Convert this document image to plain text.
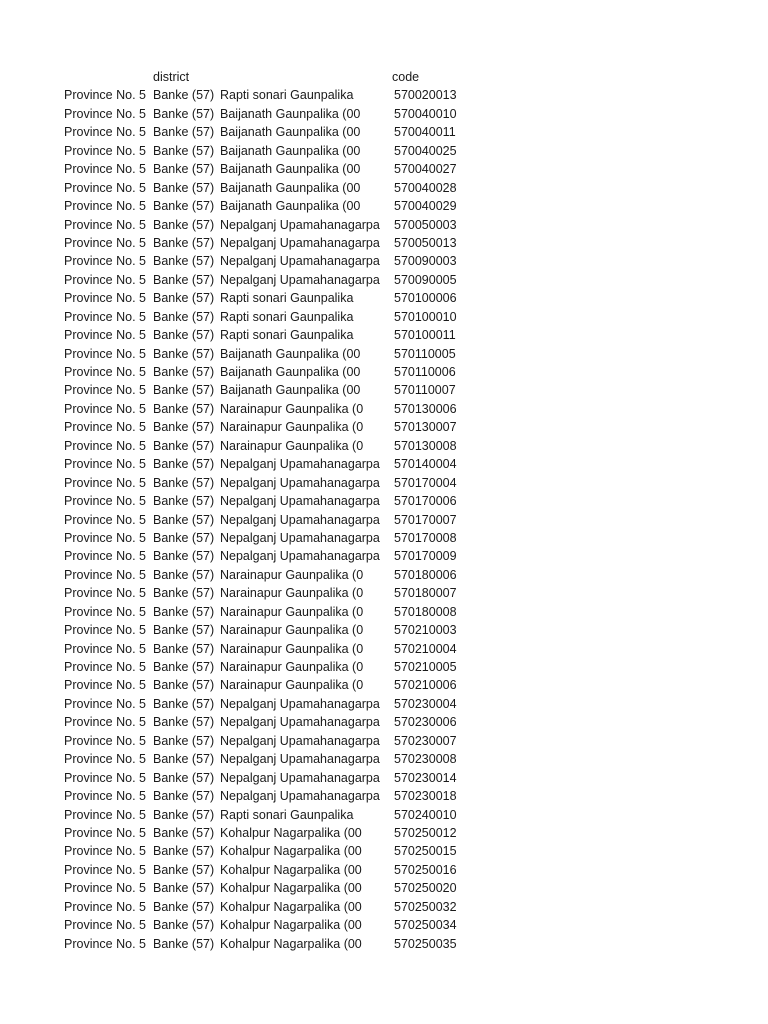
district	code
Province No. 5 Banke (57) Rapti sonari Gaunpalika	570020013
Province No. 5 Banke (57) Baijanath Gaunpalika (00	570040010
Province No. 5 Banke (57) Baijanath Gaunpalika (00	570040011
Province No. 5 Banke (57) Baijanath Gaunpalika (00	570040025
Province No. 5 Banke (57) Baijanath Gaunpalika (00	570040027
Province No. 5 Banke (57) Baijanath Gaunpalika (00	570040028
Province No. 5 Banke (57) Baijanath Gaunpalika (00	570040029
Province No. 5 Banke (57) Nepalganj Upamahanagarpa 570050003
Province No. 5 Banke (57) Nepalganj Upamahanagarpa 570050013
Province No. 5 Banke (57) Nepalganj Upamahanagarpa 570090003
Province No. 5 Banke (57) Nepalganj Upamahanagarpa 570090005
Province No. 5 Banke (57) Rapti sonari Gaunpalika	570100006
Province No. 5 Banke (57) Rapti sonari Gaunpalika	570100010
Province No. 5 Banke (57) Rapti sonari Gaunpalika	570100011
Province No. 5 Banke (57) Baijanath Gaunpalika (00	570110005
Province No. 5 Banke (57) Baijanath Gaunpalika (00	570110006
Province No. 5 Banke (57) Baijanath Gaunpalika (00	570110007
Province No. 5 Banke (57) Narainapur Gaunpalika (0	570130006
Province No. 5 Banke (57) Narainapur Gaunpalika (0	570130007
Province No. 5 Banke (57) Narainapur Gaunpalika (0	570130008
Province No. 5 Banke (57) Nepalganj Upamahanagarpa 570140004
Province No. 5 Banke (57) Nepalganj Upamahanagarpa 570170004
Province No. 5 Banke (57) Nepalganj Upamahanagarpa 570170006
Province No. 5 Banke (57) Nepalganj Upamahanagarpa 570170007
Province No. 5 Banke (57) Nepalganj Upamahanagarpa 570170008
Province No. 5 Banke (57) Nepalganj Upamahanagarpa 570170009
Province No. 5 Banke (57) Narainapur Gaunpalika (0	570180006
Province No. 5 Banke (57) Narainapur Gaunpalika (0	570180007
Province No. 5 Banke (57) Narainapur Gaunpalika (0	570180008
Province No. 5 Banke (57) Narainapur Gaunpalika (0	570210003
Province No. 5 Banke (57) Narainapur Gaunpalika (0	570210004
Province No. 5 Banke (57) Narainapur Gaunpalika (0	570210005
Province No. 5 Banke (57) Narainapur Gaunpalika (0	570210006
Province No. 5 Banke (57) Nepalganj Upamahanagarpa 570230004
Province No. 5 Banke (57) Nepalganj Upamahanagarpa 570230006
Province No. 5 Banke (57) Nepalganj Upamahanagarpa 570230007
Province No. 5 Banke (57) Nepalganj Upamahanagarpa 570230008
Province No. 5 Banke (57) Nepalganj Upamahanagarpa 570230014
Province No. 5 Banke (57) Nepalganj Upamahanagarpa 570230018
Province No. 5 Banke (57) Rapti sonari Gaunpalika	570240010
Province No. 5 Banke (57) Kohalpur Nagarpalika (00	570250012
Province No. 5 Banke (57) Kohalpur Nagarpalika (00	570250015
Province No. 5 Banke (57) Kohalpur Nagarpalika (00	570250016
Province No. 5 Banke (57) Kohalpur Nagarpalika (00	570250020
Province No. 5 Banke (57) Kohalpur Nagarpalika (00	570250032
Province No. 5 Banke (57) Kohalpur Nagarpalika (00	570250034
Province No. 5 Banke (57) Kohalpur Nagarpalika (00	570250035
